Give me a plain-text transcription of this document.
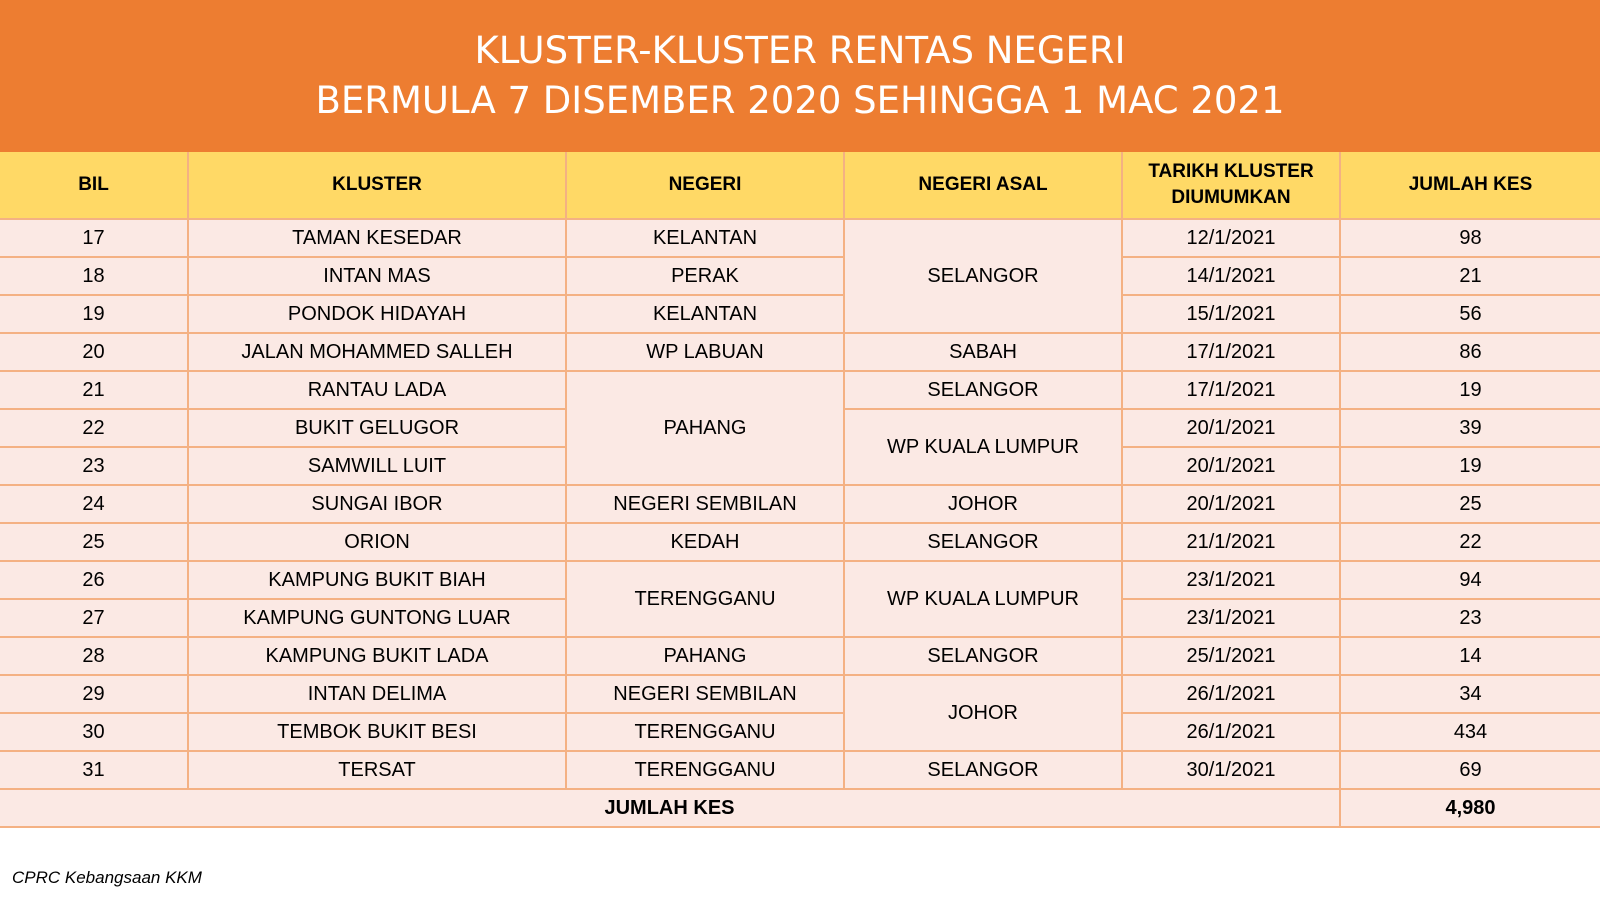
KLUSTER-KLUSTER RENTAS NEGERI
BERMULA 7 DISEMBER 2020 SEHINGGA 1 MAC 2021
BIL	KLUSTER	NEGERI	NEGERI ASAL	TARIKH KLUSTER DIUMUMKAN	JUMLAH KES
17	TAMAN KESEDAR	KELANTAN	SELANGOR	12/1/2021	98
18	INTAN MAS	PERAK		14/1/2021	21
19	PONDOK HIDAYAH	KELANTAN		15/1/2021	56
20	JALAN MOHAMMED SALLEH	WP LABUAN	SABAH	17/1/2021	86
21	RANTAU LADA	PAHANG	SELANGOR	17/1/2021	19
22	BUKIT GELUGOR		WP KUALA LUMPUR	20/1/2021	39
23	SAMWILL LUIT			20/1/2021	19
24	SUNGAI IBOR	NEGERI SEMBILAN	JOHOR	20/1/2021	25
25	ORION	KEDAH	SELANGOR	21/1/2021	22
26	KAMPUNG BUKIT BIAH	TERENGGANU	WP KUALA LUMPUR	23/1/2021	94
27	KAMPUNG GUNTONG LUAR			23/1/2021	23
28	KAMPUNG BUKIT LADA	PAHANG	SELANGOR	25/1/2021	14
29	INTAN DELIMA	NEGERI SEMBILAN	JOHOR	26/1/2021	34
30	TEMBOK BUKIT BESI	TERENGGANU		26/1/2021	434
31	TERSAT	TERENGGANU	SELANGOR	30/1/2021	69
JUMLAH KES					4,980
CPRC Kebangsaan KKM
